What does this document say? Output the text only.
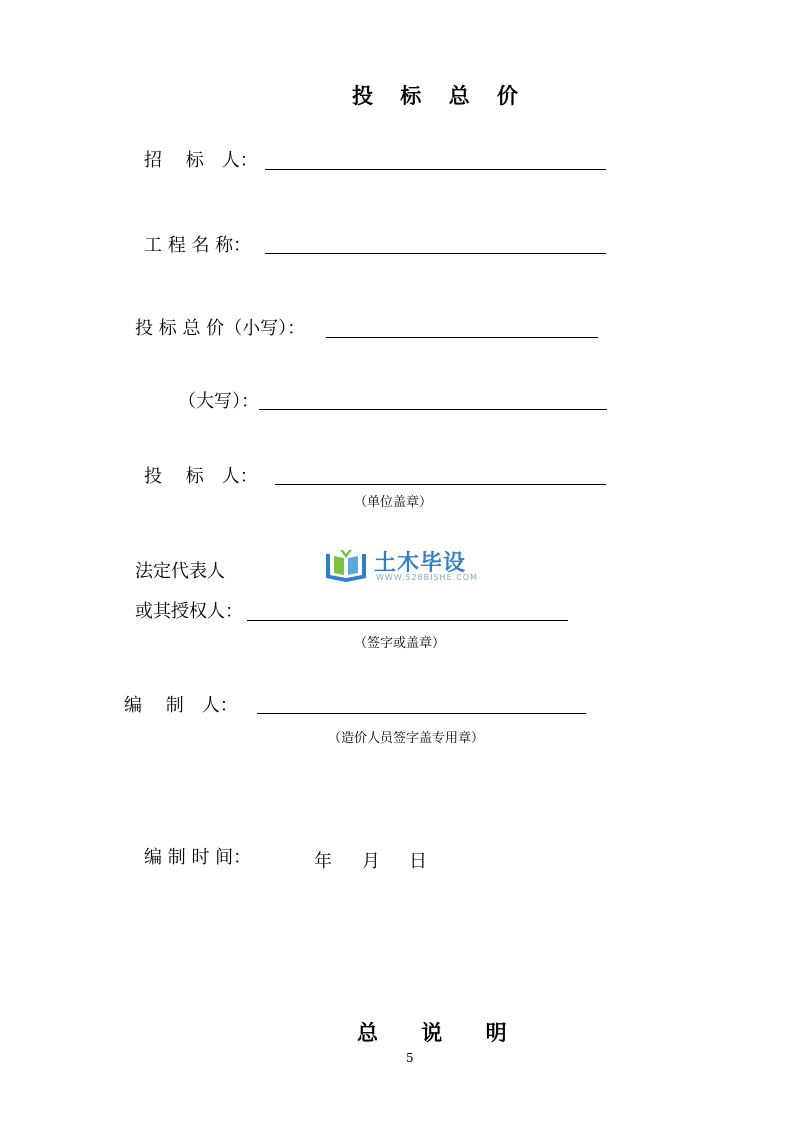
投 标 总 价
招　 标　人：
工 程 名 称：
投 标 总 价（小写）：
（大写）：
投　 标　人：
（单位盖章）
法定代表人	土木毕设
WWW.528BISHE.COM
或其授权人：
（签字或盖章）
编　 制　人：
（造价人员签字盖专用章）
编 制 时 间：	年 月 日
总 说 明
5
